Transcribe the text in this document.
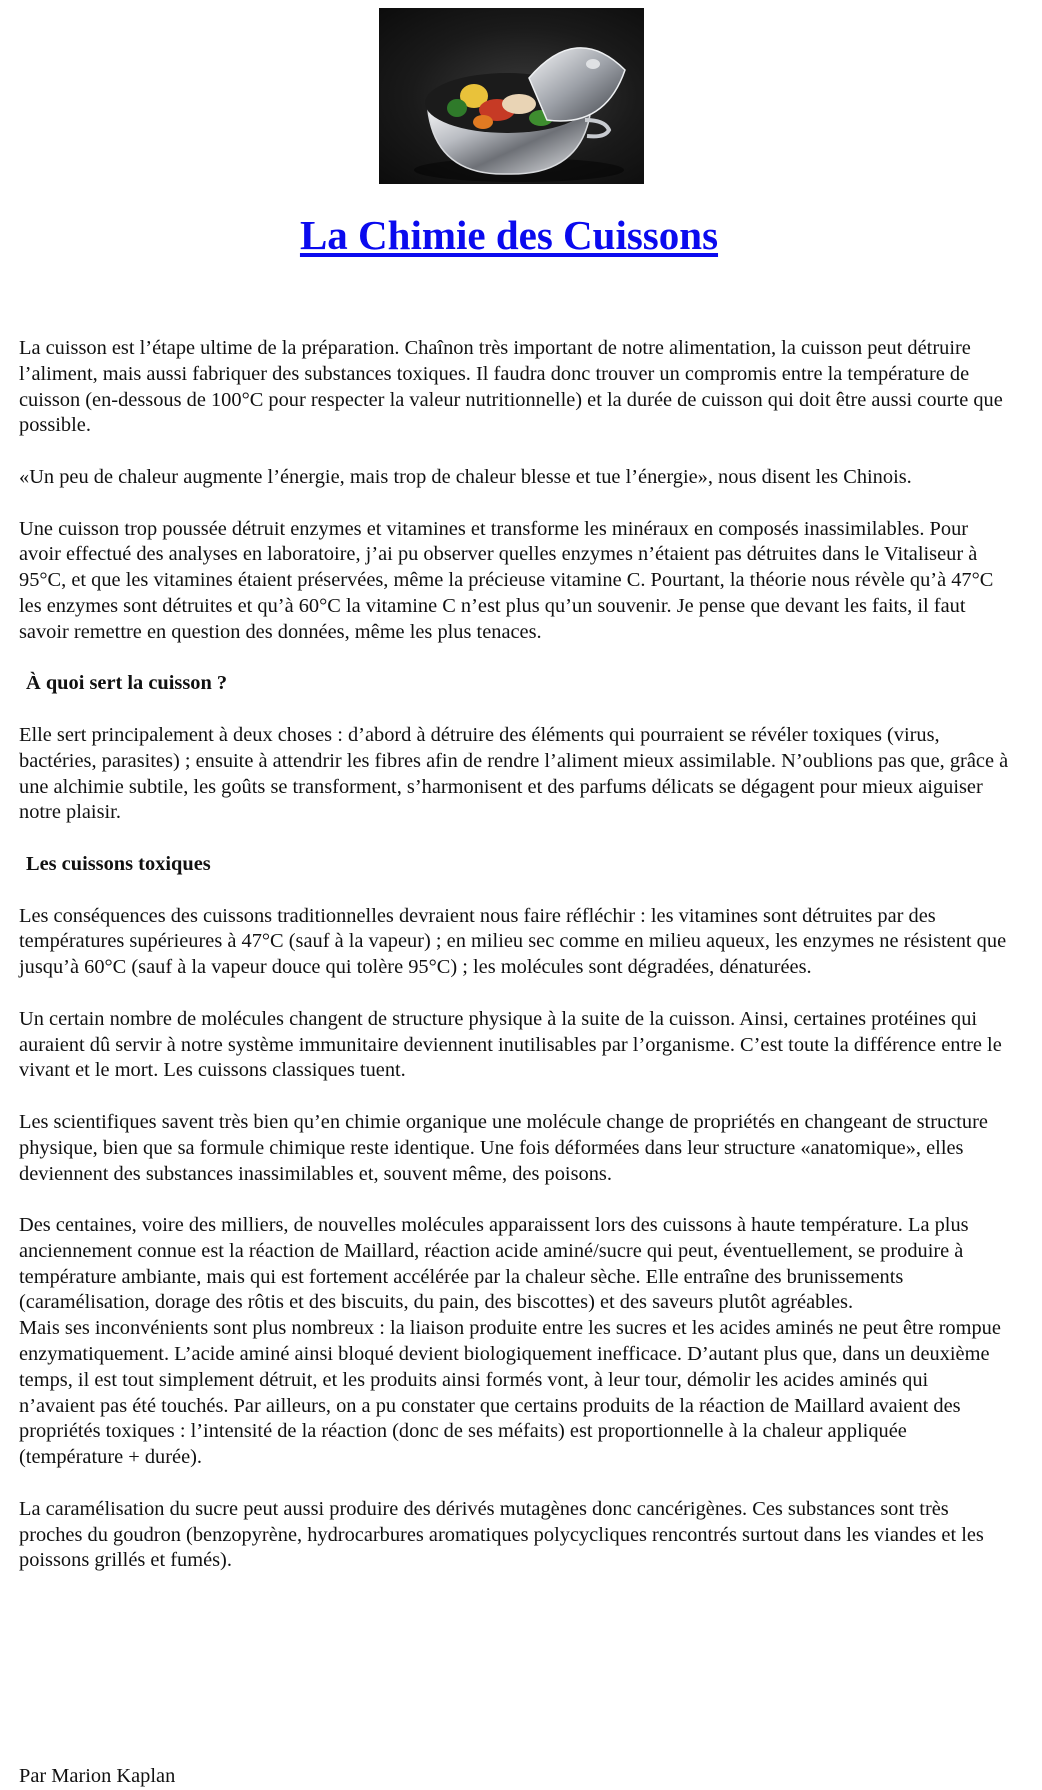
La Chimie des Cuissons

La cuisson est l’étape ultime de la préparation. Chaînon très important de notre alimentation, la cuisson peut détruire l’aliment, mais aussi fabriquer des substances toxiques. Il faudra donc trouver un compromis entre la température de cuisson (en-dessous de 100°C pour respecter la valeur nutritionnelle) et la durée de cuisson qui doit être aussi courte que possible.

«Un peu de chaleur augmente l’énergie, mais trop de chaleur blesse et tue l’énergie», nous disent les Chinois.

Une cuisson trop poussée détruit enzymes et vitamines et transforme les minéraux en composés inassimilables. Pour avoir effectué des analyses en laboratoire, j’ai pu observer quelles enzymes n’étaient pas détruites dans le Vitaliseur à 95°C, et que les vitamines étaient préservées, même la précieuse vitamine C. Pourtant, la théorie nous révèle qu’à 47°C les enzymes sont détruites et qu’à 60°C la vitamine C n’est plus qu’un souvenir. Je pense que devant les faits, il faut savoir remettre en question des données, même les plus tenaces.

À quoi sert la cuisson ?

Elle sert principalement à deux choses : d’abord à détruire des éléments qui pourraient se révéler toxiques (virus, bactéries, parasites) ; ensuite à attendrir les fibres afin de rendre l’aliment mieux assimilable. N’oublions pas que, grâce à une alchimie subtile, les goûts se transforment, s’harmonisent et des parfums délicats se dégagent pour mieux aiguiser notre plaisir.

Les cuissons toxiques

Les conséquences des cuissons traditionnelles devraient nous faire réfléchir : les vitamines sont détruites par des températures supérieures à 47°C (sauf à la vapeur) ; en milieu sec comme en milieu aqueux, les enzymes ne résistent que jusqu’à 60°C (sauf à la vapeur douce qui tolère 95°C) ; les molécules sont dégradées, dénaturées.

Un certain nombre de molécules changent de structure physique à la suite de la cuisson. Ainsi, certaines protéines qui auraient dû servir à notre système immunitaire deviennent inutilisables par l’organisme. C’est toute la différence entre le vivant et le mort. Les cuissons classiques tuent.

Les scientifiques savent très bien qu’en chimie organique une molécule change de propriétés en changeant de structure physique, bien que sa formule chimique reste identique. Une fois déformées dans leur structure «anatomique», elles deviennent des substances inassimilables et, souvent même, des poisons.

Des centaines, voire des milliers, de nouvelles molécules apparaissent lors des cuissons à haute température. La plus anciennement connue est la réaction de Maillard, réaction acide aminé/sucre qui peut, éventuellement, se produire à température ambiante, mais qui est fortement accélérée par la chaleur sèche. Elle entraîne des brunissements (caramélisation, dorage des rôtis et des biscuits, du pain, des biscottes) et des saveurs plutôt agréables.

Mais ses inconvénients sont plus nombreux : la liaison produite entre les sucres et les acides aminés ne peut être rompue enzymatiquement. L’acide aminé ainsi bloqué devient biologiquement inefficace. D’autant plus que, dans un deuxième temps, il est tout simplement détruit, et les produits ainsi formés vont, à leur tour, démolir les acides aminés qui n’avaient pas été touchés. Par ailleurs, on a pu constater que certains produits de la réaction de Maillard avaient des propriétés toxiques : l’intensité de la réaction (donc de ses méfaits) est proportionnelle à la chaleur appliquée (température + durée).

La caramélisation du sucre peut aussi produire des dérivés mutagènes donc cancérigènes. Ces substances sont très proches du goudron (benzopyrène, hydrocarbures aromatiques polycycliques rencontrés surtout dans les viandes et les poissons grillés et fumés).

Par Marion Kaplan
